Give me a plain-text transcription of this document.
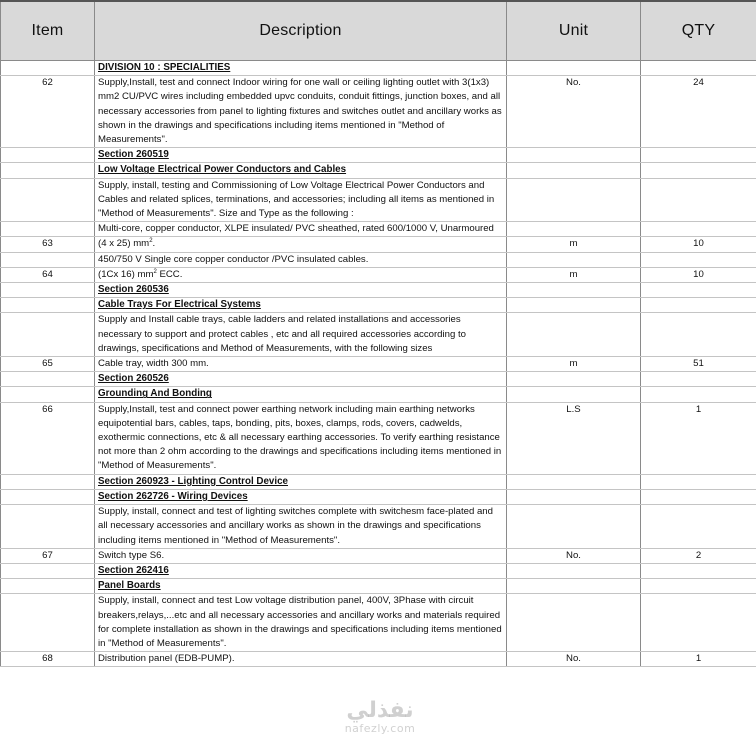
Item	Description	Unit	QTY
	DIVISION 10 : SPECIALITIES		
62	Supply,Install, test and connect Indoor wiring for one wall or ceiling lighting outlet with 3(1x3) mm2 CU/PVC wires including embedded upvc conduits, conduit fittings, junction boxes, and all necessary accessories from panel to lighting fixtures and switches outlet and ancillary works as shown in the drawings and specifications including items mentioned in "Method of Measurements".	No.	24
	Section 260519		
	Low Voltage Electrical Power Conductors and Cables		
	Supply, install, testing and Commissioning of Low Voltage Electrical Power Conductors and Cables and related splices, terminations, and accessories; including all items as mentioned in "Method of Measurements". Size and Type as the following :		
	Multi-core, copper conductor, XLPE insulated/ PVC sheathed, rated 600/1000 V, Unarmoured		
63	(4 x 25) $mm^2$.	m	10
	450/750 V Single core copper conductor /PVC insulated cables.		
64	(1Cx 16) $mm^2$ ECC.	m	10
	Section 260536		
	Cable Trays For Electrical Systems		
	Supply and Install cable trays, cable ladders and related installations and accessories necessary to support and protect cables , etc and all required accessories according to drawings, specifications and Method of Measurements, with the following sizes		
65	Cable tray, width 300 mm.	m	51
	Section 260526		
	Grounding And Bonding		
66	Supply,Install, test and connect power earthing network including main earthing networks equipotential bars, cables, taps, bonding, pits, boxes, clamps, rods, covers, cadwelds, exothermic connections, etc & all necessary earthing accessories. To verify earthing resistance not more than 2 ohm according to the drawings and specifications including items mentioned in "Method of Measurements".	L.S	1
	Section 260923 - Lighting Control Device		
	Section 262726 - Wiring Devices		
	Supply, install, connect and test of lighting switches complete with switchesm face-plated and all necessary accessories and ancillary works as shown in the drawings and specifications including items mentioned in "Method of Measurements".		
67	Switch type S6.	No.	2
	Section 262416		
	Panel Boards		
	Supply, install, connect and test Low voltage distribution panel, 400V, 3Phase with circuit breakers,relays,...etc and all necessary accessories and ancillary works and materials required for complete installation as shown in the drawings and specifications including items mentioned in "Method of Measurements".		
68	Distribution panel (EDB-PUMP).	No.	1
نفذلي
nafezly.com
